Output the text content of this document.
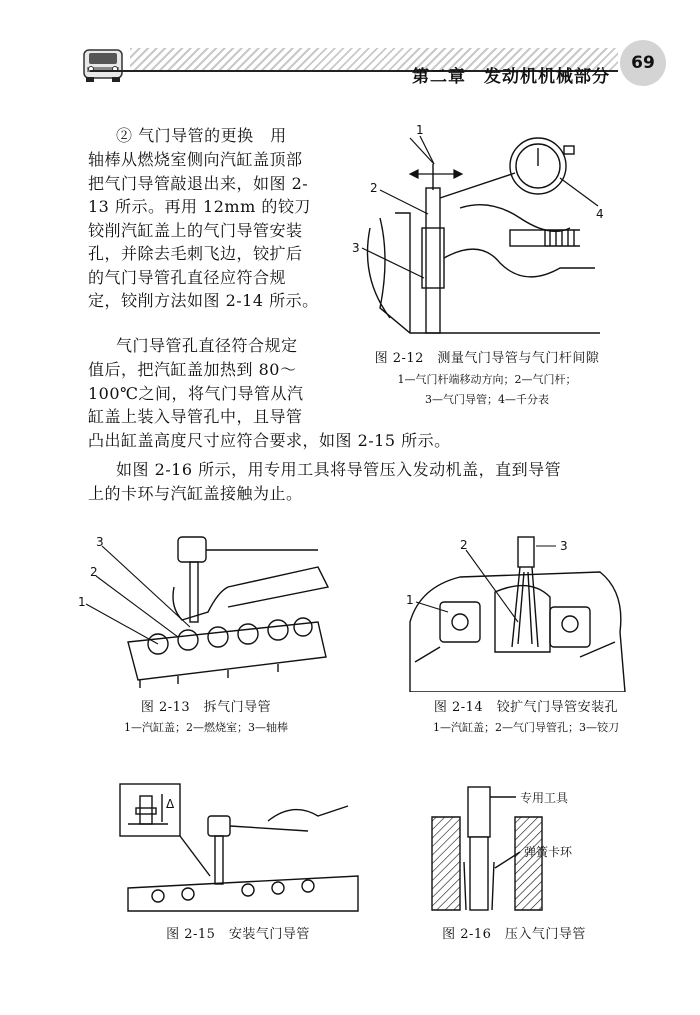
第二章　发动机机械部分
69
② 气门导管的更换　用
轴棒从燃烧室侧向汽缸盖顶部
把气门导管敲退出来，如图 2-
13 所示。再用 12mm 的铰刀
铰削汽缸盖上的气门导管安装
孔，并除去毛刺飞边，铰扩后
的气门导管孔直径应符合规
定，铰削方法如图 2-14 所示。
气门导管孔直径符合规定
值后，把汽缸盖加热到 80～
100℃之间，将气门导管从汽
缸盖上装入导管孔中，且导管
凸出缸盖高度尺寸应符合要求，如图 2-15 所示。
如图 2-16 所示，用专用工具将导管压入发动机盖，直到导管
上的卡环与汽缸盖接触为止。
1
2
3
4
图 2-12　测量气门导管与气门杆间隙
1—气门杆端移动方向；2—气门杆；
3—气门导管；4—千分表
3
2
1
图 2-13　拆气门导管
1—汽缸盖；2—燃烧室；3—轴棒
2
1
3
图 2-14　铰扩气门导管安装孔
1—汽缸盖；2—气门导管孔；3—铰刀
Δ
图 2-15　安装气门导管
专用工具
弹簧卡环
图 2-16　压入气门导管
